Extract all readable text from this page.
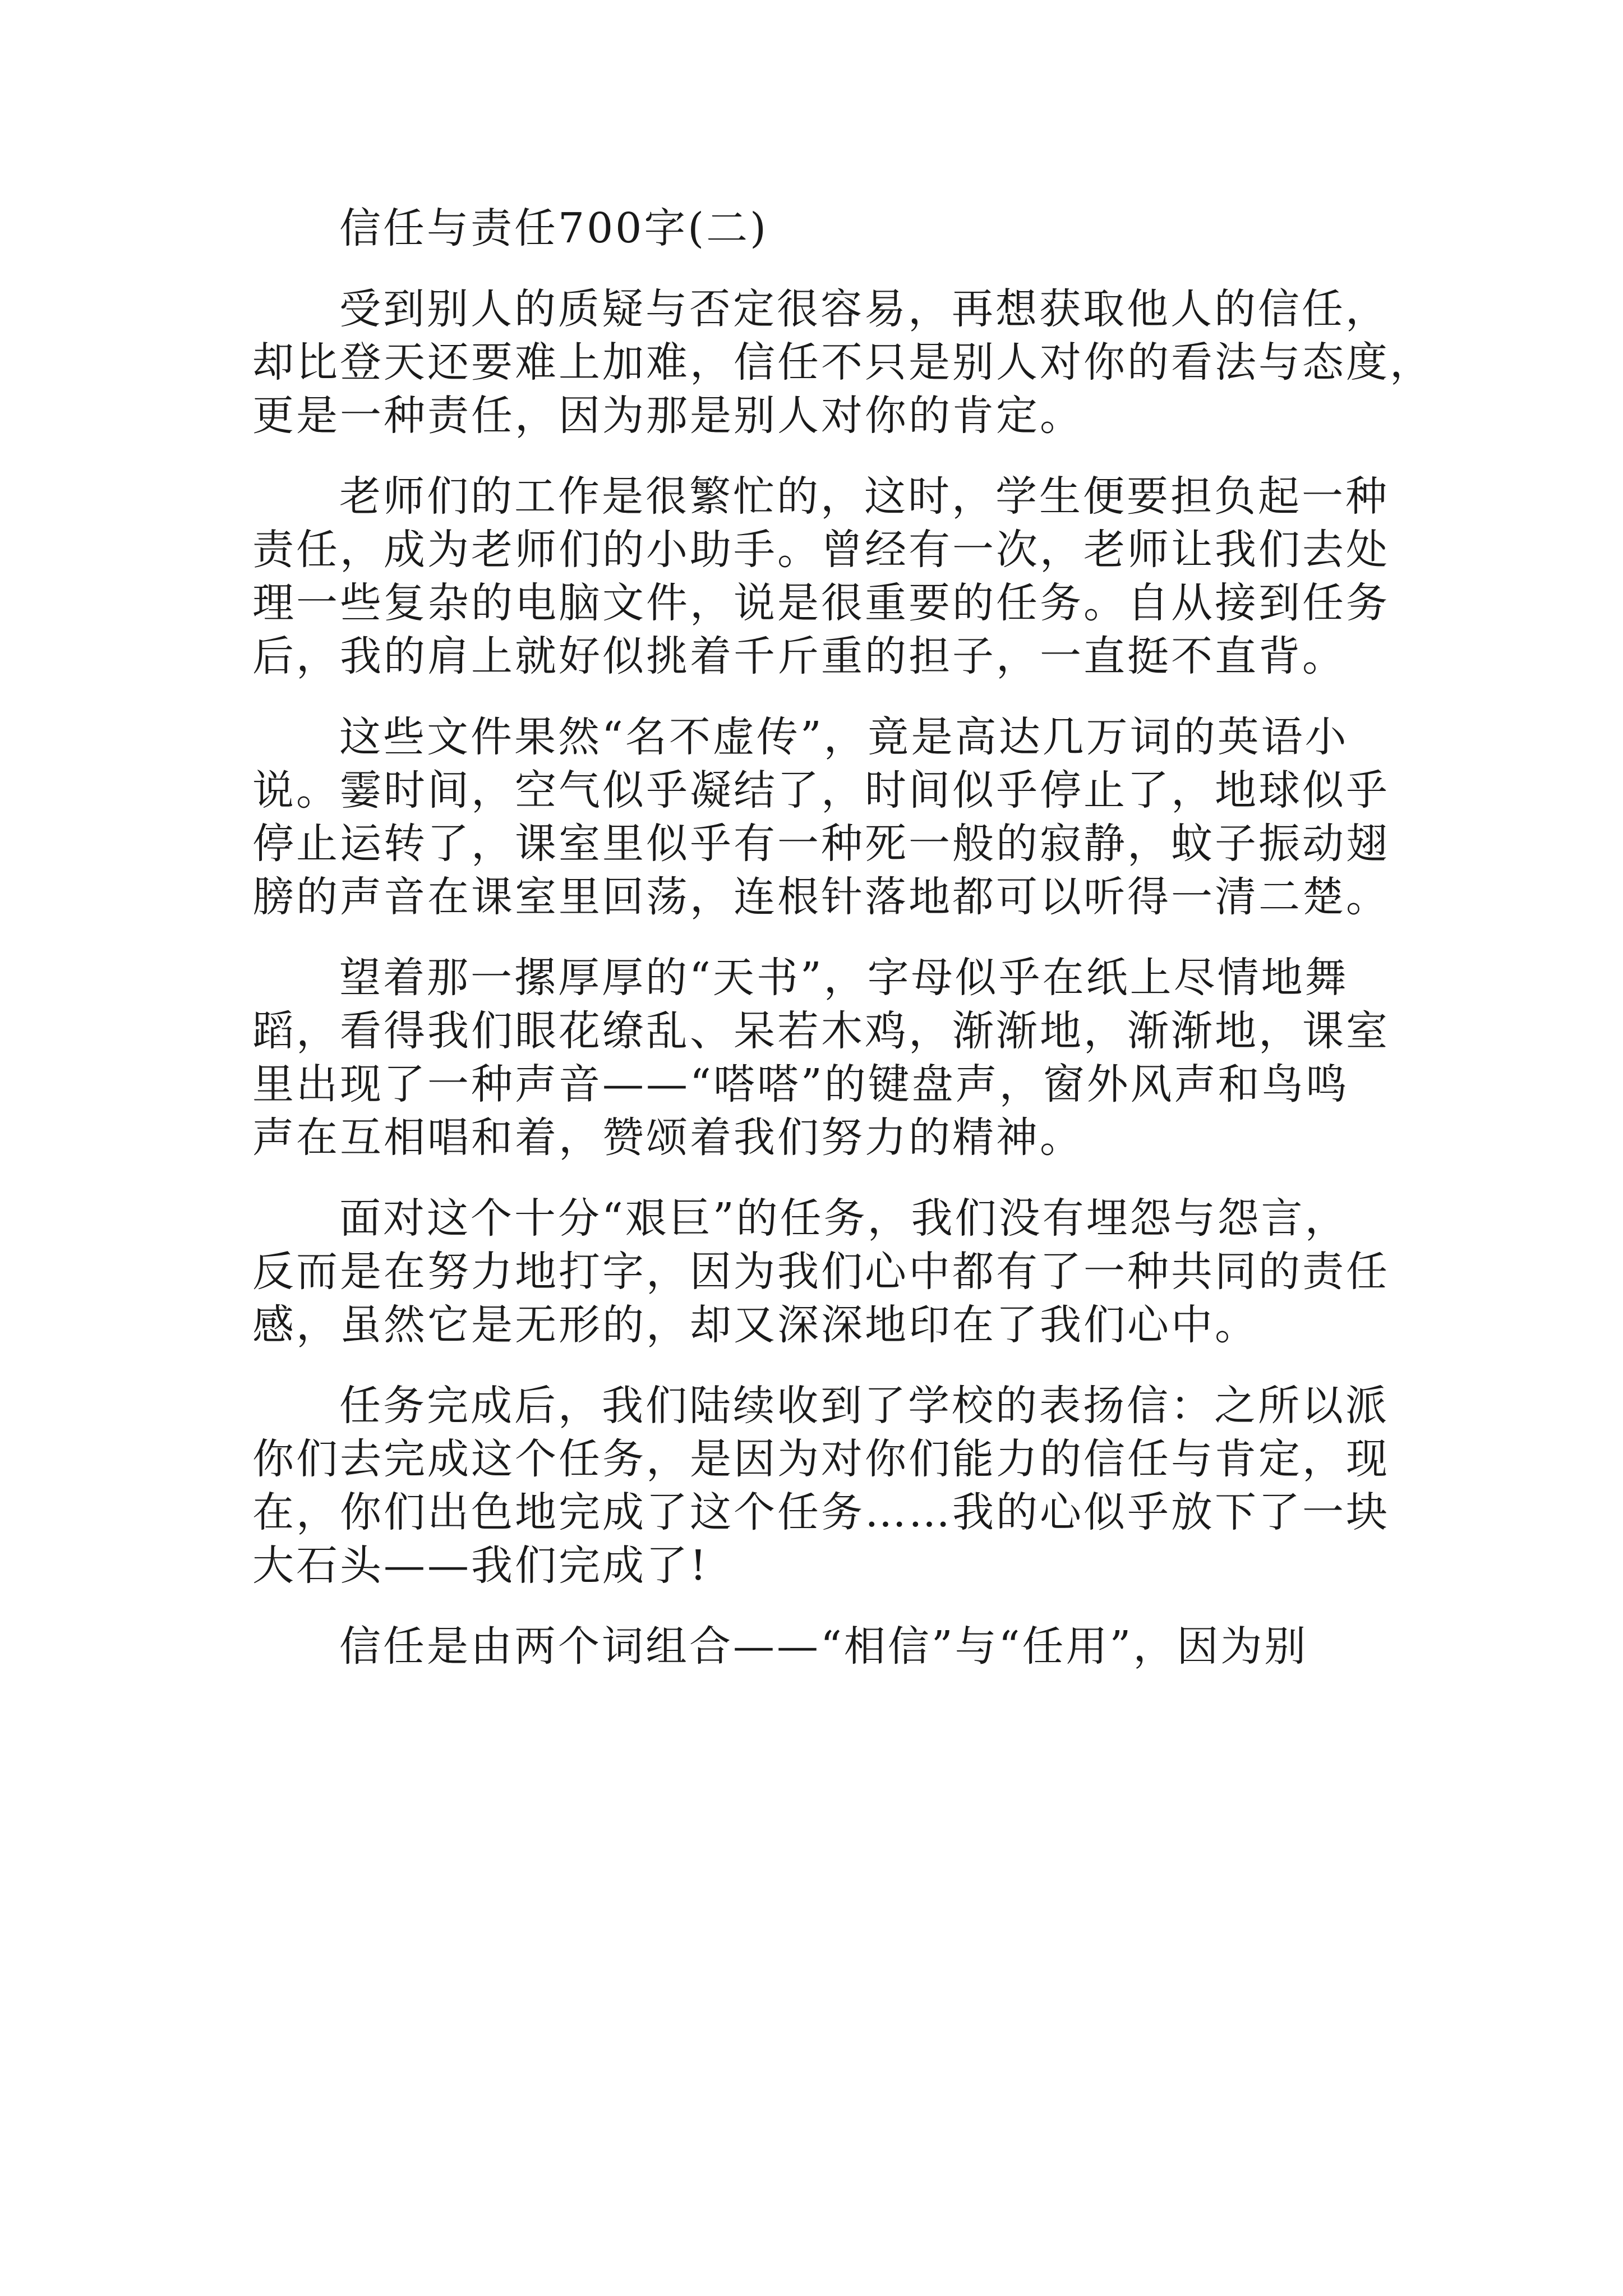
信任与责任700字(二)
受到别人的质疑与否定很容易，再想获取他人的信任，
却比登天还要难上加难，信任不只是别人对你的看法与态度，
更是一种责任，因为那是别人对你的肯定。
老师们的工作是很繁忙的，这时，学生便要担负起一种
责任，成为老师们的小助手。曾经有一次，老师让我们去处
理一些复杂的电脑文件，说是很重要的任务。自从接到任务
后，我的肩上就好似挑着千斤重的担子，一直挺不直背。
这些文件果然“名不虚传”，竟是高达几万词的英语小
说。霎时间，空气似乎凝结了，时间似乎停止了，地球似乎
停止运转了，课室里似乎有一种死一般的寂静，蚊子振动翅
膀的声音在课室里回荡，连根针落地都可以听得一清二楚。
望着那一摞厚厚的“天书”，字母似乎在纸上尽情地舞
蹈，看得我们眼花缭乱、呆若木鸡，渐渐地，渐渐地，课室
里出现了一种声音——“嗒嗒”的键盘声，窗外风声和鸟鸣
声在互相唱和着，赞颂着我们努力的精神。
面对这个十分“艰巨”的任务，我们没有埋怨与怨言，
反而是在努力地打字，因为我们心中都有了一种共同的责任
感，虽然它是无形的，却又深深地印在了我们心中。
任务完成后，我们陆续收到了学校的表扬信：之所以派
你们去完成这个任务，是因为对你们能力的信任与肯定，现
在，你们出色地完成了这个任务……我的心似乎放下了一块
大石头——我们完成了!
信任是由两个词组合——“相信”与“任用”，因为别
